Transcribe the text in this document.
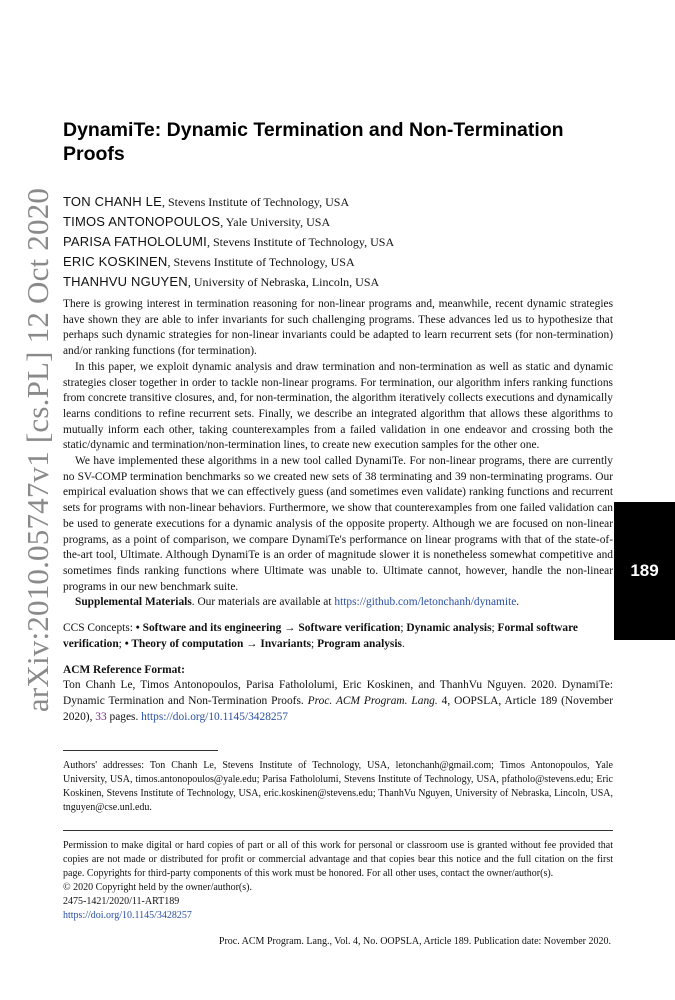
arXiv:2010.05747v1 [cs.PL] 12 Oct 2020	189
DynamiTe: Dynamic Termination and Non-Termination Proofs
TON CHANH LE, Stevens Institute of Technology, USA
TIMOS ANTONOPOULOS, Yale University, USA
PARISA FATHOLOLUMI, Stevens Institute of Technology, USA
ERIC KOSKINEN, Stevens Institute of Technology, USA
THANHVU NGUYEN, University of Nebraska, Lincoln, USA

There is growing interest in termination reasoning for non-linear programs and, meanwhile, recent dynamic strategies have shown they are able to infer invariants for such challenging programs. These advances led us to hypothesize that perhaps such dynamic strategies for non-linear invariants could be adapted to learn recurrent sets (for non-termination) and/or ranking functions (for termination).

In this paper, we exploit dynamic analysis and draw termination and non-termination as well as static and dynamic strategies closer together in order to tackle non-linear programs. For termination, our algorithm infers ranking functions from concrete transitive closures, and, for non-termination, the algorithm iteratively collects executions and dynamically learns conditions to refine recurrent sets. Finally, we describe an integrated algorithm that allows these algorithms to mutually inform each other, taking counterexamples from a failed validation in one endeavor and crossing both the static/dynamic and termination/non-termination lines, to create new execution samples for the other one.

We have implemented these algorithms in a new tool called DynamiTe. For non-linear programs, there are currently no SV-COMP termination benchmarks so we created new sets of 38 terminating and 39 non-terminating programs. Our empirical evaluation shows that we can effectively guess (and sometimes even validate) ranking functions and recurrent sets for programs with non-linear behaviors. Furthermore, we show that counterexamples from one failed validation can be used to generate executions for a dynamic analysis of the opposite property. Although we are focused on non-linear programs, as a point of comparison, we compare DynamiTe's performance on linear programs with that of the state-of-the-art tool, Ultimate. Although DynamiTe is an order of magnitude slower it is nonetheless somewhat competitive and sometimes finds ranking functions where Ultimate was unable to. Ultimate cannot, however, handle the non-linear programs in our new benchmark suite.

Supplemental Materials. Our materials are available at https://github.com/letonchanh/dynamite.

CCS Concepts: • Software and its engineering → Software verification; Dynamic analysis; Formal software verification; • Theory of computation → Invariants; Program analysis.
ACM Reference Format:
Ton Chanh Le, Timos Antonopoulos, Parisa Fathololumi, Eric Koskinen, and ThanhVu Nguyen. 2020. DynamiTe: Dynamic Termination and Non-Termination Proofs. Proc. ACM Program. Lang. 4, OOPSLA, Article 189 (November 2020), 33 pages. https://doi.org/10.1145/3428257
Authors' addresses: Ton Chanh Le, Stevens Institute of Technology, USA, letonchanh@gmail.com; Timos Antonopoulos, Yale University, USA, timos.antonopoulos@yale.edu; Parisa Fathololumi, Stevens Institute of Technology, USA, pfatholo@stevens.edu; Eric Koskinen, Stevens Institute of Technology, USA, eric.koskinen@stevens.edu; ThanhVu Nguyen, University of Nebraska, Lincoln, USA, tnguyen@cse.unl.edu.
Permission to make digital or hard copies of part or all of this work for personal or classroom use is granted without fee provided that copies are not made or distributed for profit or commercial advantage and that copies bear this notice and the full citation on the first page. Copyrights for third-party components of this work must be honored. For all other uses, contact the owner/author(s).
© 2020 Copyright held by the owner/author(s).
2475-1421/2020/11-ART189
https://doi.org/10.1145/3428257
Proc. ACM Program. Lang., Vol. 4, No. OOPSLA, Article 189. Publication date: November 2020.
